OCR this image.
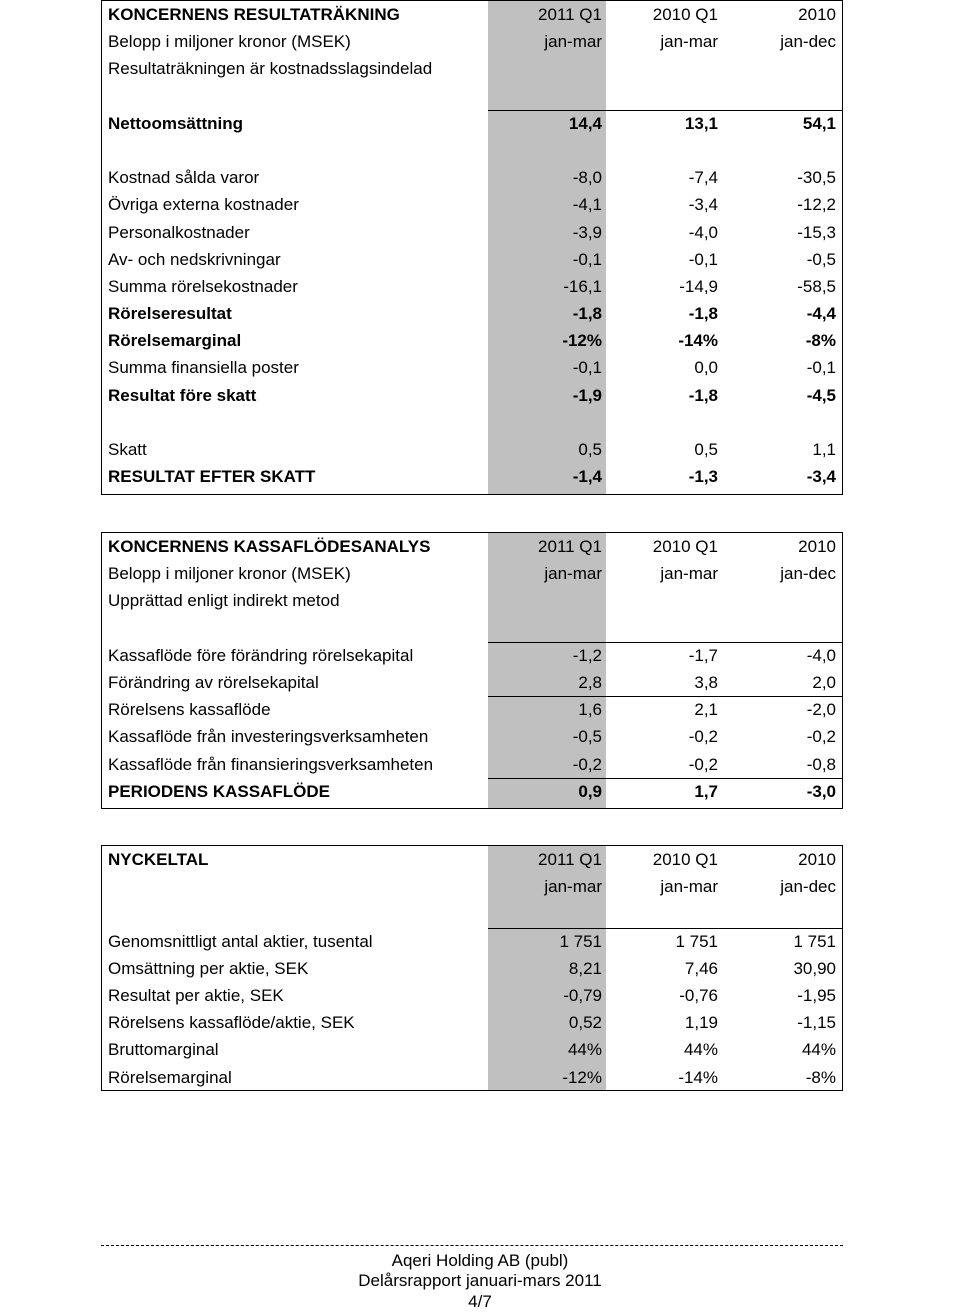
KONCERNENS RESULTATRÄKNING	2011 Q1	2010 Q1	2010
Belopp i miljoner kronor (MSEK)	jan-mar	jan-mar	jan-dec
Resultaträkningen är kostnadsslagsindelad
Nettoomsättning	14,4	13,1	54,1
Kostnad sålda varor	-8,0	-7,4	-30,5
Övriga externa kostnader	-4,1	-3,4	-12,2
Personalkostnader	-3,9	-4,0	-15,3
Av- och nedskrivningar	-0,1	-0,1	-0,5
Summa rörelsekostnader	-16,1	-14,9	-58,5
Rörelseresultat	-1,8	-1,8	-4,4
Rörelsemarginal	-12%	-14%	-8%
Summa finansiella poster	-0,1	0,0	-0,1
Resultat före skatt	-1,9	-1,8	-4,5
Skatt	0,5	0,5	1,1
RESULTAT EFTER SKATT	-1,4	-1,3	-3,4
KONCERNENS KASSAFLÖDESANALYS	2011 Q1	2010 Q1	2010
Belopp i miljoner kronor (MSEK)	jan-mar	jan-mar	jan-dec
Upprättad enligt indirekt metod
Kassaflöde före förändring rörelsekapital	-1,2	-1,7	-4,0
Förändring av rörelsekapital	2,8	3,8	2,0
Rörelsens kassaflöde	1,6	2,1	-2,0
Kassaflöde från investeringsverksamheten	-0,5	-0,2	-0,2
Kassaflöde från finansieringsverksamheten	-0,2	-0,2	-0,8
PERIODENS KASSAFLÖDE	0,9	1,7	-3,0
NYCKELTAL	2011 Q1	2010 Q1	2010
jan-mar	jan-mar	jan-dec
Genomsnittligt antal aktier, tusental	1 751	1 751	1 751
Omsättning per aktie, SEK	8,21	7,46	30,90
Resultat per aktie, SEK	-0,79	-0,76	-1,95
Rörelsens kassaflöde/aktie, SEK	0,52	1,19	-1,15
Bruttomarginal	44%	44%	44%
Rörelsemarginal	-12%	-14%	-8%
Aqeri Holding AB (publ)
Delårsrapport januari-mars 2011
4/7
